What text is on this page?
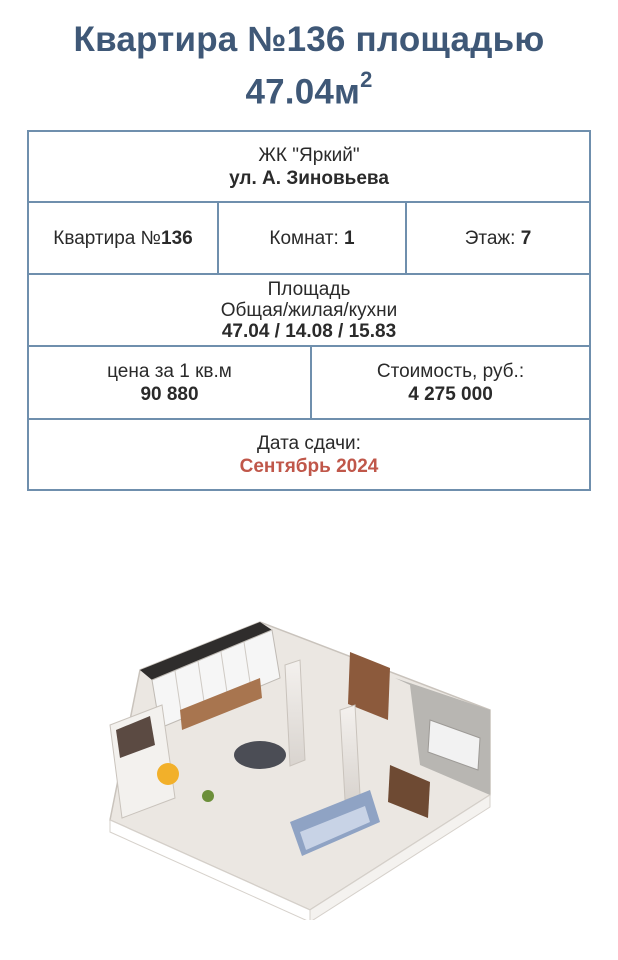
Квартира №136 площадью
$47.04м^2$
ЖК "Яркий"
ул. А. Зиновьева
Квартира №136	Комнат: 1	Этаж: 7
Площадь
Общая/жилая/кухни
47.04 / 14.08 / 15.83
цена за 1 кв.м
90 880
Стоимость, руб.:
4 275 000
Дата сдачи:
Сентябрь 2024
